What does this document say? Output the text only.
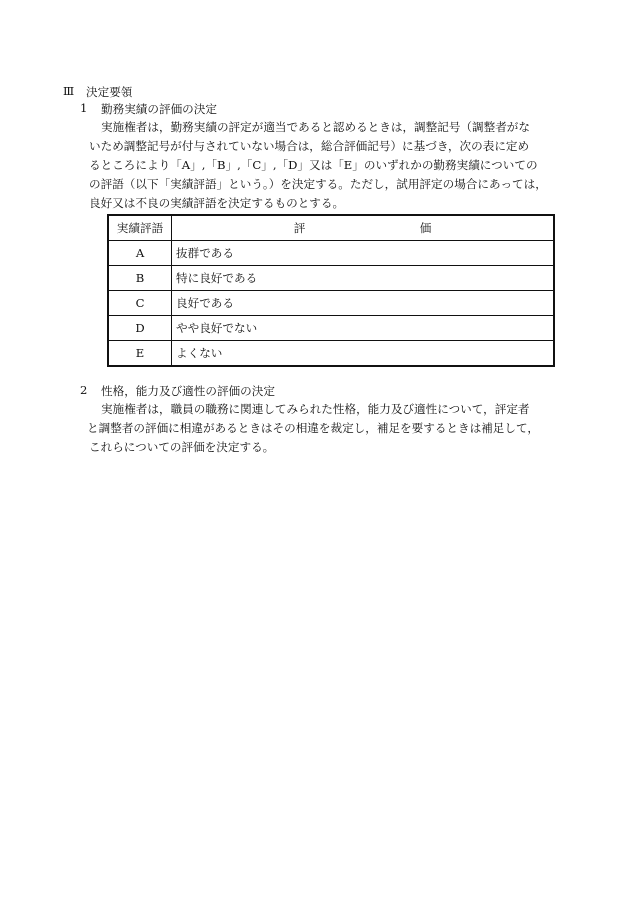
Ⅲ 決定要領
1 勤務実績の評価の決定
実施権者は，勤務実績の評定が適当であると認めるときは，調整記号（調整者がな
いため調整記号が付与されていない場合は，総合評価記号）に基づき，次の表に定め
るところにより「A」,「B」,「C」,「D」又は「E」のいずれかの勤務実績についての
の評語（以下「実績評語」という。）を決定する。ただし，試用評定の場合にあっては，
良好又は不良の実績評語を決定するものとする。
実績評語	評 価
A	抜群である
B	特に良好である
C	良好である
D	やや良好でない
E	よくない
2 性格，能力及び適性の評価の決定
実施権者は，職員の職務に関連してみられた性格，能力及び適性について，評定者
と調整者の評価に相違があるときはその相違を裁定し，補足を要するときは補足して，
これらについての評価を決定する。
